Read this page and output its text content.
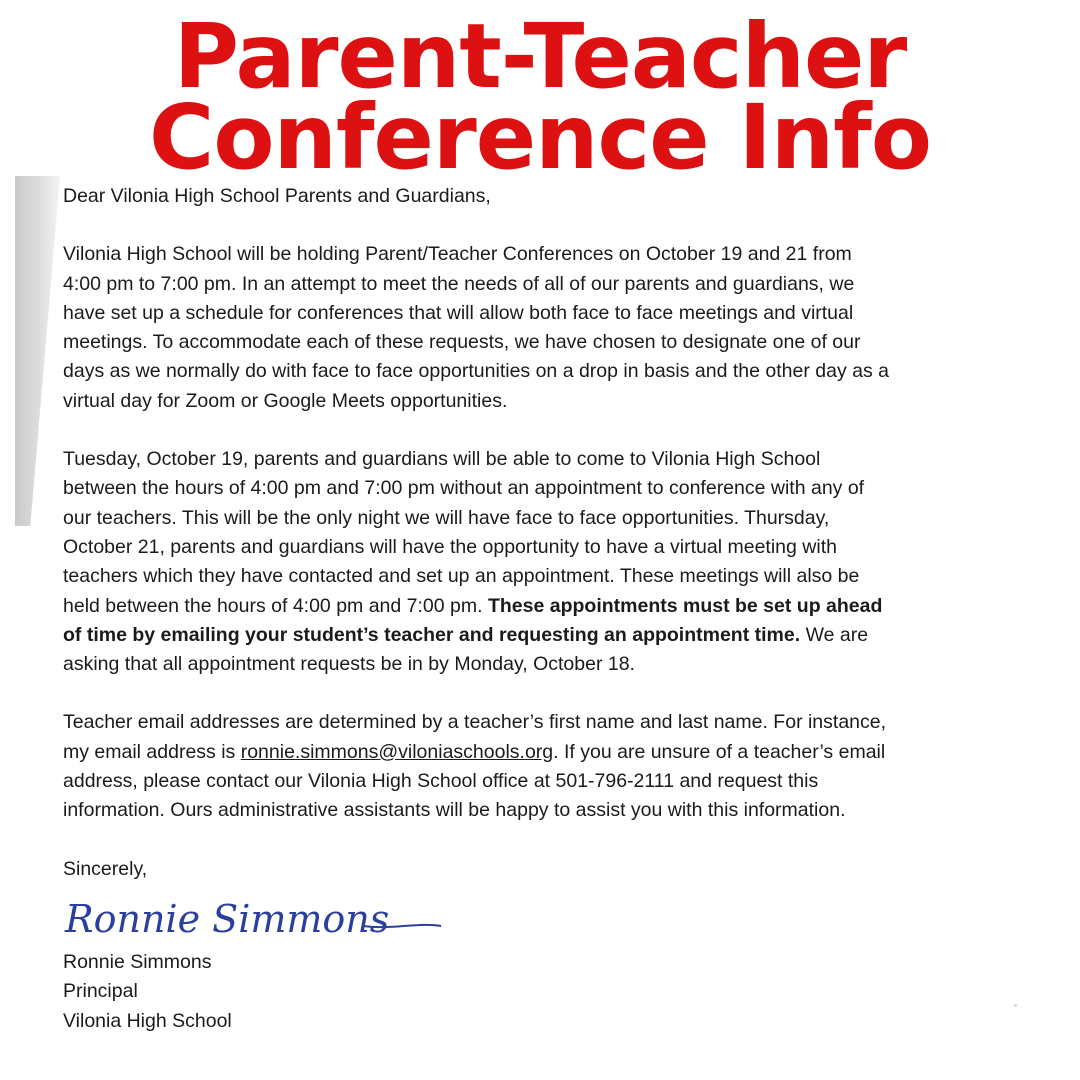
Parent-Teacher
Conference Info

Dear Vilonia High School Parents and Guardians,

Vilonia High School will be holding Parent/Teacher Conferences on October 19 and 21 from
4:00 pm to 7:00 pm. In an attempt to meet the needs of all of our parents and guardians, we
have set up a schedule for conferences that will allow both face to face meetings and virtual
meetings. To accommodate each of these requests, we have chosen to designate one of our
days as we normally do with face to face opportunities on a drop in basis and the other day as a
virtual day for Zoom or Google Meets opportunities.

Tuesday, October 19, parents and guardians will be able to come to Vilonia High School
between the hours of 4:00 pm and 7:00 pm without an appointment to conference with any of
our teachers. This will be the only night we will have face to face opportunities. Thursday,
October 21, parents and guardians will have the opportunity to have a virtual meeting with
teachers which they have contacted and set up an appointment. These meetings will also be
held between the hours of 4:00 pm and 7:00 pm. These appointments must be set up ahead
of time by emailing your student’s teacher and requesting an appointment time. We are
asking that all appointment requests be in by Monday, October 18.

Teacher email addresses are determined by a teacher’s first name and last name. For instance,
my email address is ronnie.simmons@viloniaschools.org. If you are unsure of a teacher’s email
address, please contact our Vilonia High School office at 501-796-2111 and request this
information. Ours administrative assistants will be happy to assist you with this information.

Sincerely,

Ronnie Simmons

Ronnie Simmons
Principal
Vilonia High School
